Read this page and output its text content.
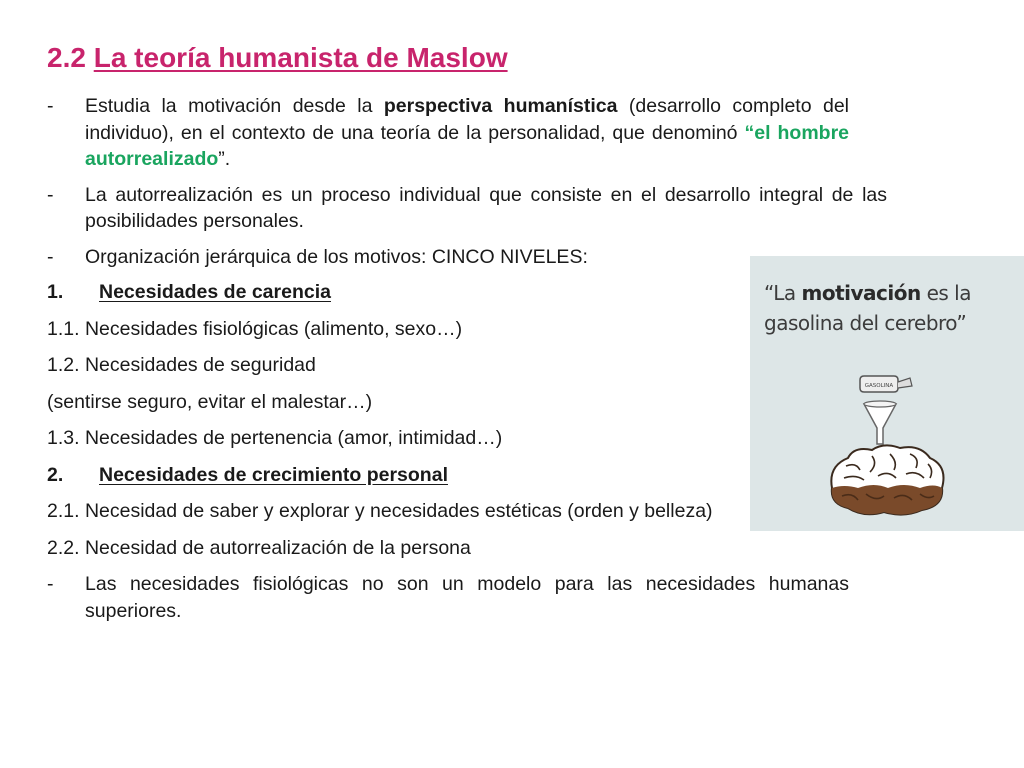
2.2 La teoría humanista de Maslow

- Estudia la motivación desde la perspectiva humanística (desarrollo completo del individuo), en el contexto de una teoría de la personalidad, que denominó “el hombre autorrealizado”.

- La autorrealización es un proceso individual que consiste en el desarrollo integral de las posibilidades personales.

- Organización jerárquica de los motivos: CINCO NIVELES:

1. Necesidades de carencia

1.1. Necesidades fisiológicas (alimento, sexo…)

1.2. Necesidades de seguridad

(sentirse seguro, evitar el malestar…)

1.3. Necesidades de pertenencia (amor, intimidad…)

2. Necesidades de crecimiento personal

2.1. Necesidad de saber y explorar y necesidades estéticas (orden y belleza)

2.2. Necesidad de autorrealización de la persona

- Las necesidades fisiológicas no son un modelo para las necesidades humanas superiores.

“La motivación es la
gasolina del cerebro”
GASOLINA
